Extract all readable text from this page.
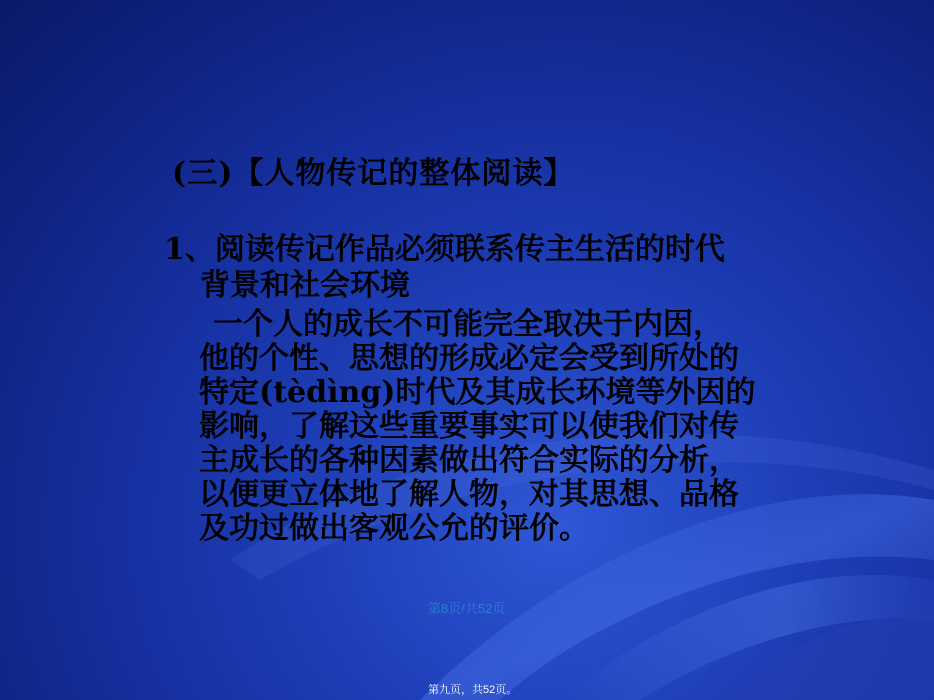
(三)【人物传记的整体阅读】
1、阅读传记作品必须联系传主生活的时代
背景和社会环境
一个人的成长不可能完全取决于内因，
他的个性、思想的形成必定会受到所处的
特定(tèdìng)时代及其成长环境等外因的
影响，了解这些重要事实可以使我们对传
主成长的各种因素做出符合实际的分析，
以便更立体地了解人物，对其思想、品格
及功过做出客观公允的评价。
第8页/共52页
第九页，共52页。
